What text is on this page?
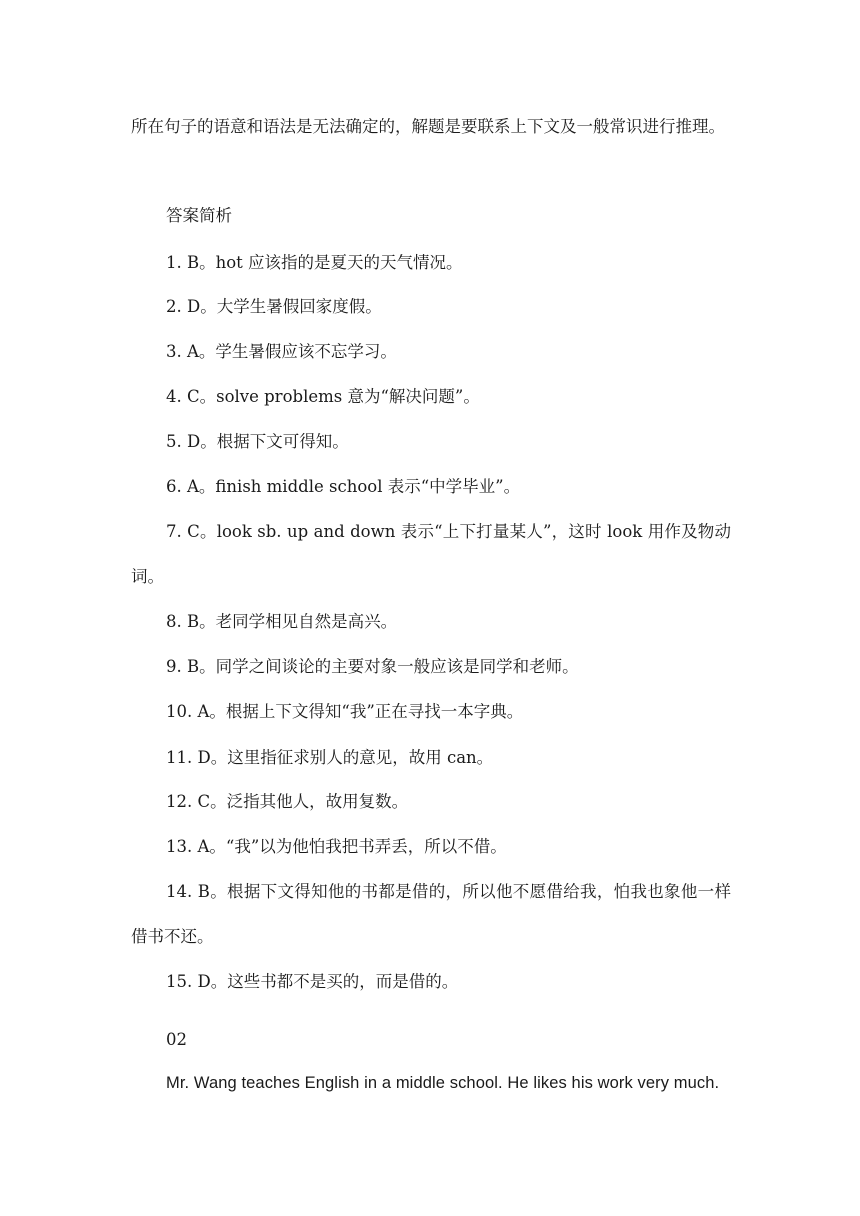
所在句子的语意和语法是无法确定的，解题是要联系上下文及一般常识进行推理。

答案简析

1. B。hot 应该指的是夏天的天气情况。

2. D。大学生暑假回家度假。

3. A。学生暑假应该不忘学习。

4. C。solve problems 意为“解决问题”。

5. D。根据下文可得知。

6. A。finish middle school 表示“中学毕业”。

7. C。look sb. up and down 表示“上下打量某人”，这时 look 用作及物动词。

8. B。老同学相见自然是高兴。

9. B。同学之间谈论的主要对象一般应该是同学和老师。

10. A。根据上下文得知“我”正在寻找一本字典。

11. D。这里指征求别人的意见，故用 can。

12. C。泛指其他人，故用复数。

13. A。“我”以为他怕我把书弄丢，所以不借。

14. B。根据下文得知他的书都是借的，所以他不愿借给我，怕我也象他一样借书不还。

15. D。这些书都不是买的，而是借的。

02

Mr. Wang teaches English in a middle school. He likes his work very much.
